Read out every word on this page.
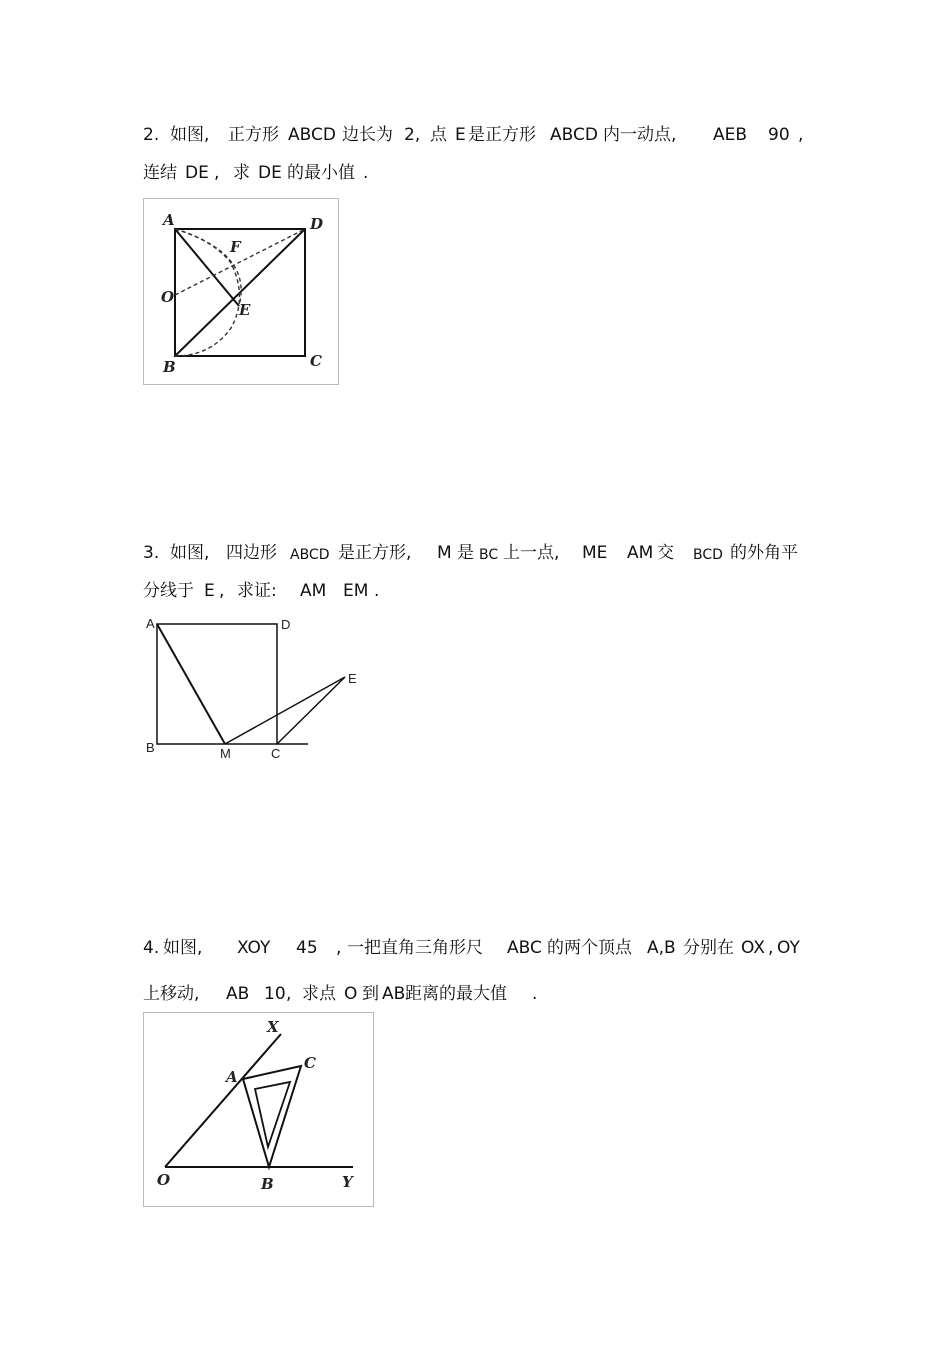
2. 如图, 正方形 ABCD 边长为 2, 点 E 是正方形 ABCD 内一动点, AEB 90 ,
连结 DE , 求 DE 的最小值 .
A	D
F
O
E
B	C
3. 如图, 四边形 ABCD 是正方形, M 是 BC 上一点, ME AM 交 BCD 的外角平
分线于 E , 求证: AM EM .
A	D
E
B	M	C
4. 如图, XOY 45 , 一把直角三角形尺 ABC 的两个顶点 A,B 分别在 OX , OY
上移动, AB 10 , 求点 O 到 AB 距离的最大值 .
X
A
C
O	B	Y
